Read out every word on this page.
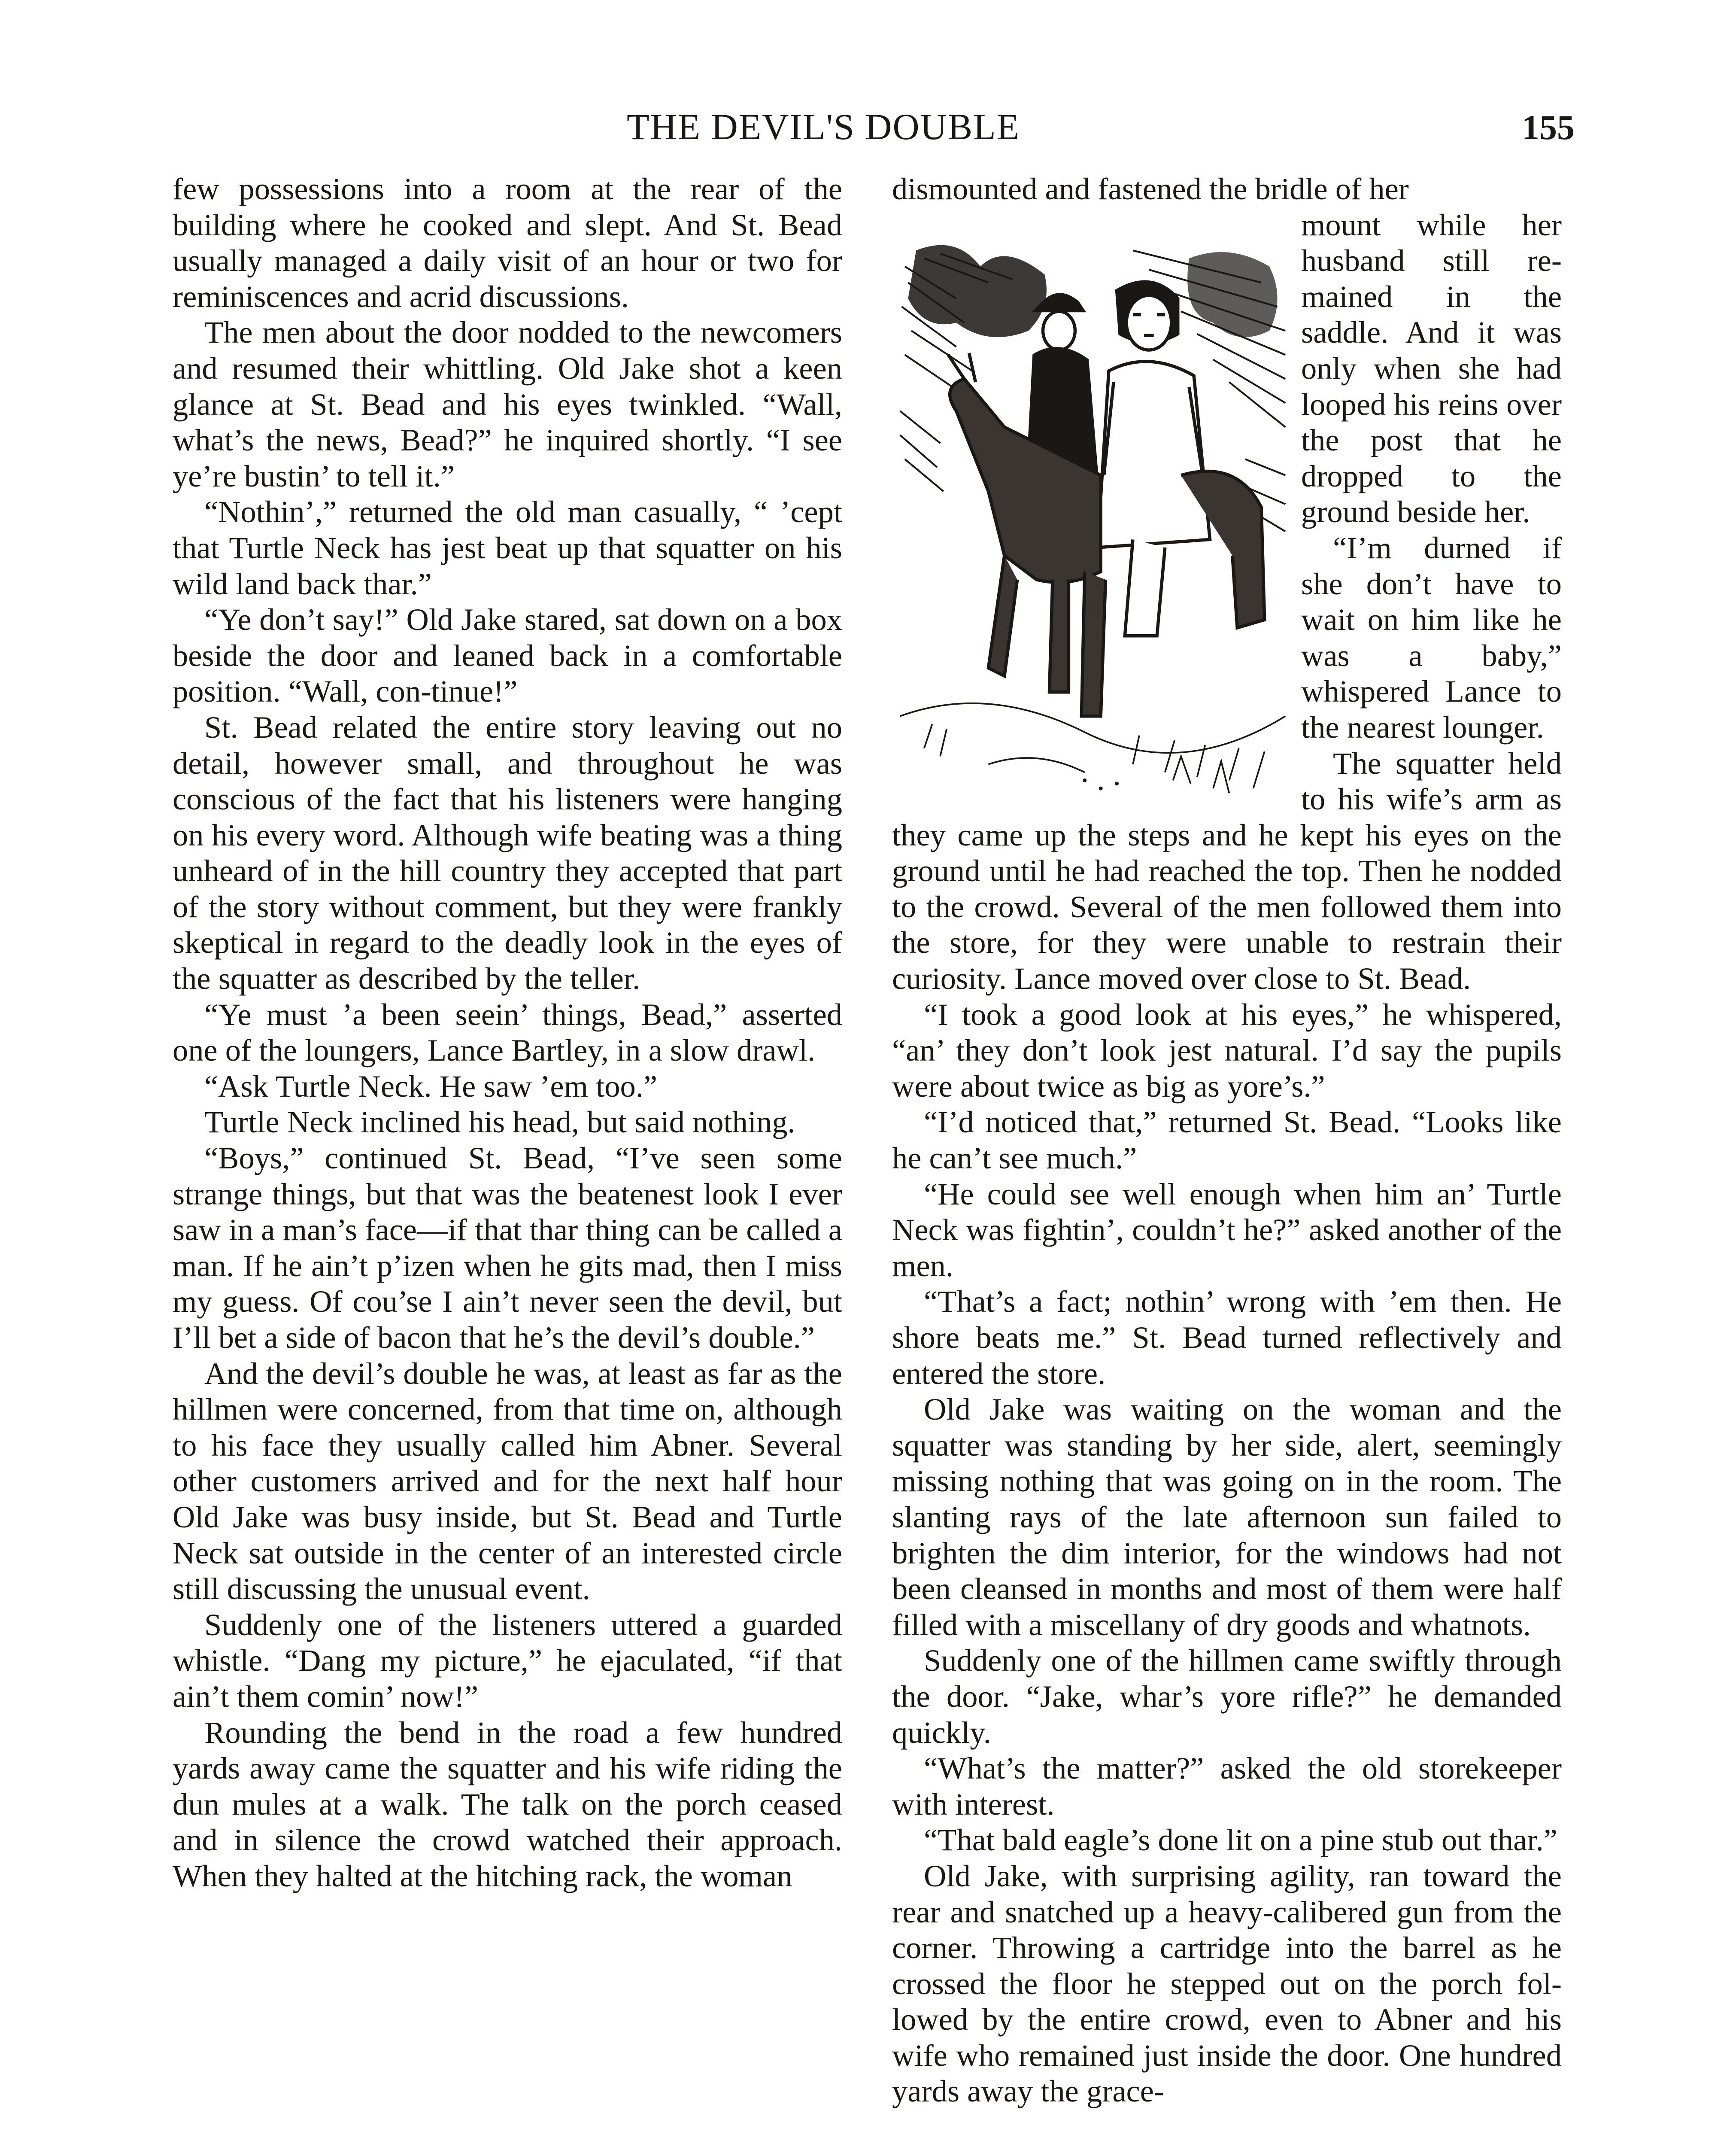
THE DEVIL'S DOUBLE	155

few possessions into a room at the rear of the building where he cooked and slept. And St. Bead usually managed a daily visit of an hour or two for reminiscences and acrid discussions.

The men about the door nodded to the newcomers and resumed their whittling. Old Jake shot a keen glance at St. Bead and his eyes twinkled. “Wall, what’s the news, Bead?” he inquired shortly. “I see ye’re bustin’ to tell it.”

“Nothin’,” returned the old man casually, “ ’cept that Turtle Neck has jest beat up that squatter on his wild land back thar.”

“Ye don’t say!” Old Jake stared, sat down on a box beside the door and leaned back in a comfortable position. “Wall, con-tinue!”

St. Bead related the entire story leaving out no detail, however small, and throughout he was conscious of the fact that his listeners were hanging on his every word. Although wife beating was a thing unheard of in the hill country they accepted that part of the story without comment, but they were frankly skeptical in regard to the deadly look in the eyes of the squatter as described by the teller.

“Ye must ’a been seein’ things, Bead,” asserted one of the loungers, Lance Bartley, in a slow drawl.

“Ask Turtle Neck. He saw ’em too.”

Turtle Neck inclined his head, but said nothing.

“Boys,” continued St. Bead, “I’ve seen some strange things, but that was the beatenest look I ever saw in a man’s face—if that thar thing can be called a man. If he ain’t p’izen when he gits mad, then I miss my guess. Of cou’se I ain’t never seen the devil, but I’ll bet a side of bacon that he’s the devil’s double.”

And the devil’s double he was, at least as far as the hillmen were concerned, from that time on, although to his face they usually called him Abner. Several other customers arrived and for the next half hour Old Jake was busy inside, but St. Bead and Turtle Neck sat outside in the center of an interested circle still discussing the unusual event.

Suddenly one of the listeners uttered a guarded whistle. “Dang my picture,” he ejaculated, “if that ain’t them comin’ now!”

Rounding the bend in the road a few hundred yards away came the squatter and his wife riding the dun mules at a walk. The talk on the porch ceased and in silence the crowd watched their approach. When they halted at the hitching rack, the woman

dismounted and fastened the bridle of her

mount while her husband still remained in the saddle. And it was only when she had looped his reins over the post that he dropped to the ground beside her.

“I’m durned if she don’t have to wait on him like he was a baby,” whispered Lance to the nearest lounger.

The squatter held to his wife’s arm as they came up the steps and he kept his eyes on the ground until he had reached the top. Then he nodded to the crowd. Several of the men followed them into the store, for they were unable to restrain their curiosity. Lance moved over close to St. Bead.

“I took a good look at his eyes,” he whispered, “an’ they don’t look jest natural. I’d say the pupils were about twice as big as yore’s.”

“I’d noticed that,” returned St. Bead. “Looks like he can’t see much.”

“He could see well enough when him an’ Turtle Neck was fightin’, couldn’t he?” asked another of the men.

“That’s a fact; nothin’ wrong with ’em then. He shore beats me.” St. Bead turned reflectively and entered the store.

Old Jake was waiting on the woman and the squatter was standing by her side, alert, seemingly missing nothing that was going on in the room. The slanting rays of the late afternoon sun failed to brighten the dim interior, for the windows had not been cleansed in months and most of them were half filled with a miscellany of dry goods and whatnots.

Suddenly one of the hillmen came swiftly through the door. “Jake, whar’s yore rifle?” he demanded quickly.

“What’s the matter?” asked the old storekeeper with interest.

“That bald eagle’s done lit on a pine stub out thar.”

Old Jake, with surprising agility, ran toward the rear and snatched up a heavy-calibered gun from the corner. Throwing a cartridge into the barrel as he crossed the floor he stepped out on the porch followed by the entire crowd, even to Abner and his wife who remained just inside the door. One hundred yards away the grace-
